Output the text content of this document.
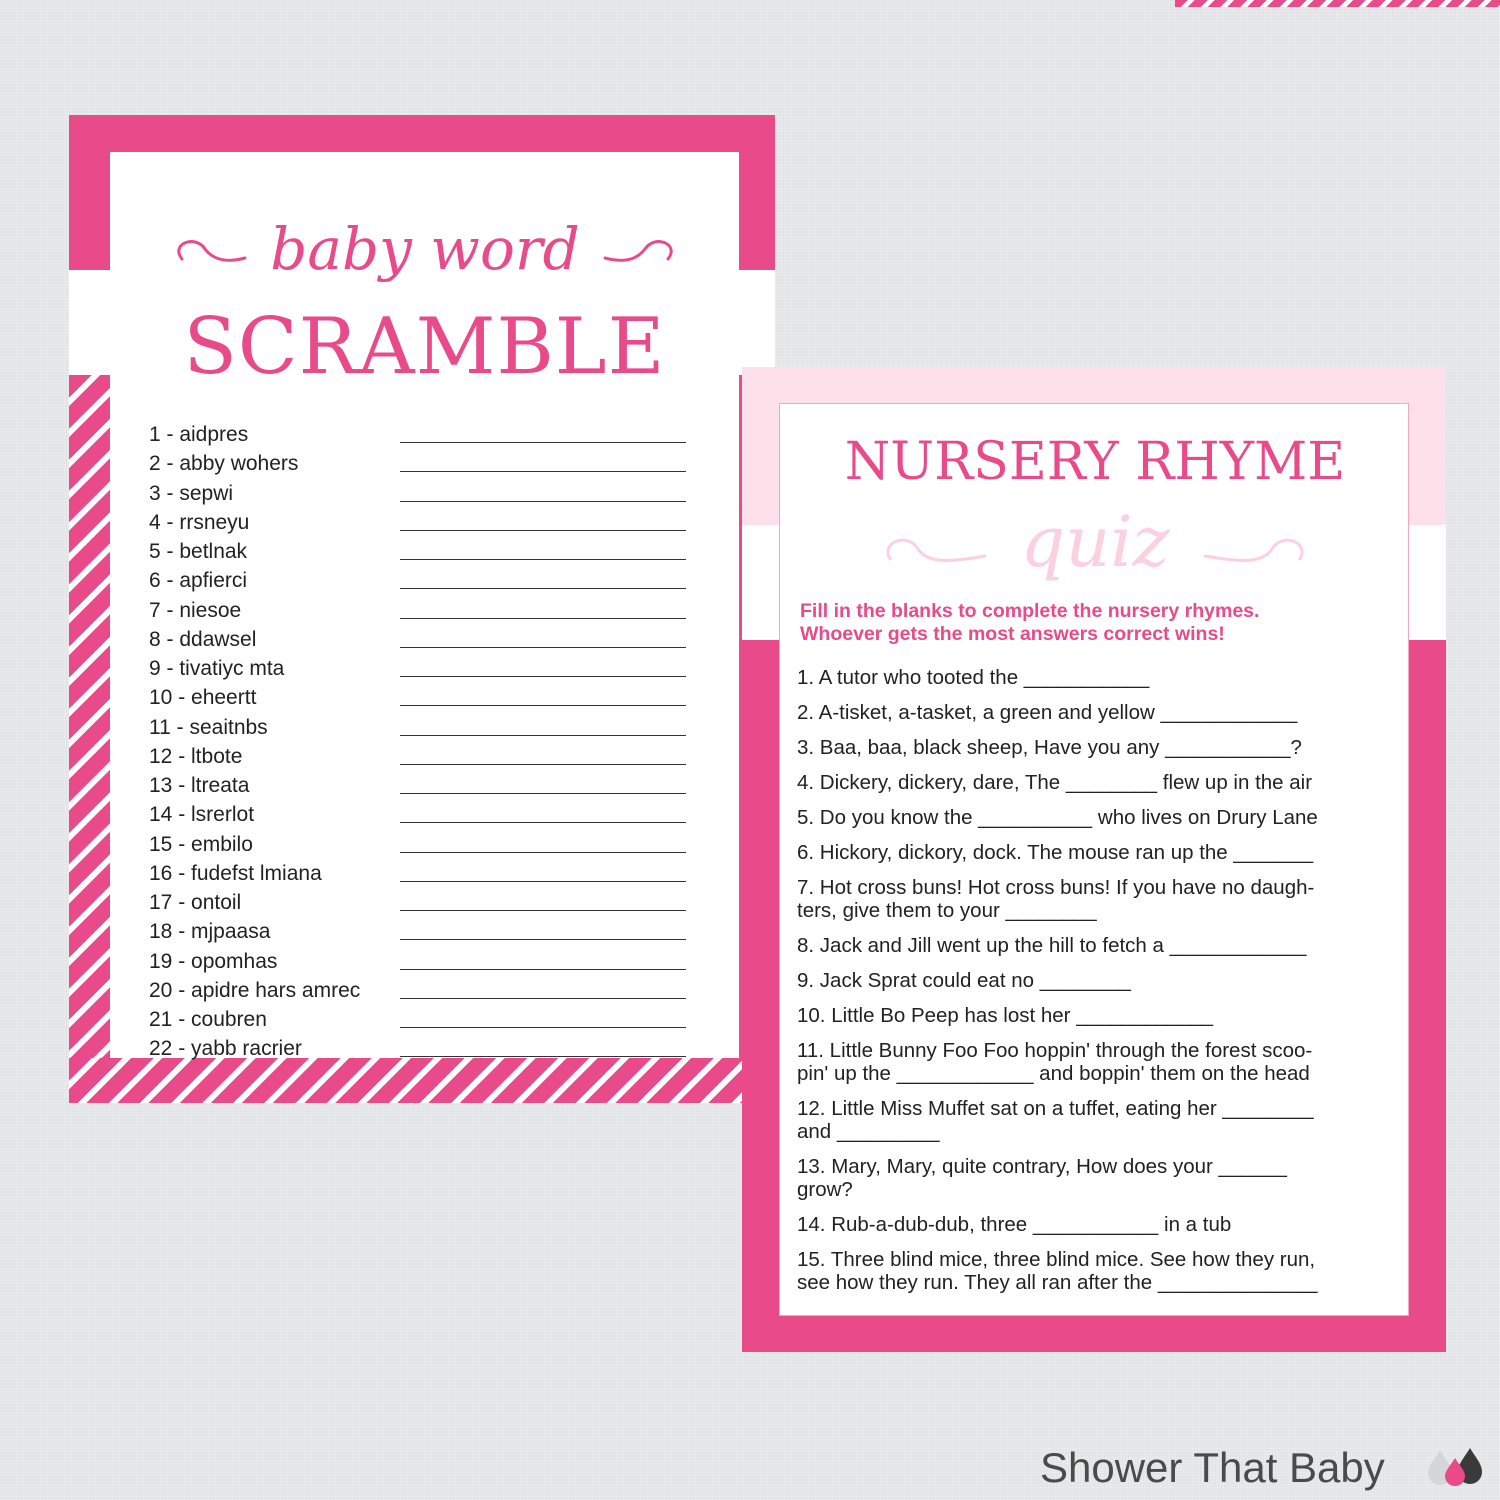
baby word
SCRAMBLE
1 - aidpres
2 - abby wohers
3 - sepwi
4 - rrsneyu
5 - betlnak
6 - apfierci
7 - niesoe
8 - ddawsel
9 - tivatiyc mta
10 - eheertt
11 - seaitnbs
12 - ltbote
13 - ltreata
14 - lsrerlot
15 - embilo
16 - fudefst lmiana
17 - ontoil
18 - mjpaasa
19 - opomhas
20 - apidre hars amrec
21 - coubren
22 - yabb racrier
NURSERY RHYME
quiz
Fill in the blanks to complete the nursery rhymes.
Whoever gets the most answers correct wins!
1. A tutor who tooted the ___________
2. A-tisket, a-tasket, a green and yellow ____________
3. Baa, baa, black sheep, Have you any ___________?
4. Dickery, dickery, dare, The ________ flew up in the air
5. Do you know the __________ who lives on Drury Lane
6. Hickory, dickory, dock. The mouse ran up the _______
7. Hot cross buns! Hot cross buns! If you have no daugh-
ters, give them to your ________
8. Jack and Jill went up the hill to fetch a ____________
9. Jack Sprat could eat no ________
10. Little Bo Peep has lost her ____________
11. Little Bunny Foo Foo hoppin' through the forest scoo-
pin' up the ____________ and boppin' them on the head
12. Little Miss Muffet sat on a tuffet, eating her ________
and _________
13. Mary, Mary, quite contrary, How does your ______
grow?
14. Rub-a-dub-dub, three ___________ in a tub
15. Three blind mice, three blind mice. See how they run,
see how they run. They all ran after the ______________
Shower That Baby
